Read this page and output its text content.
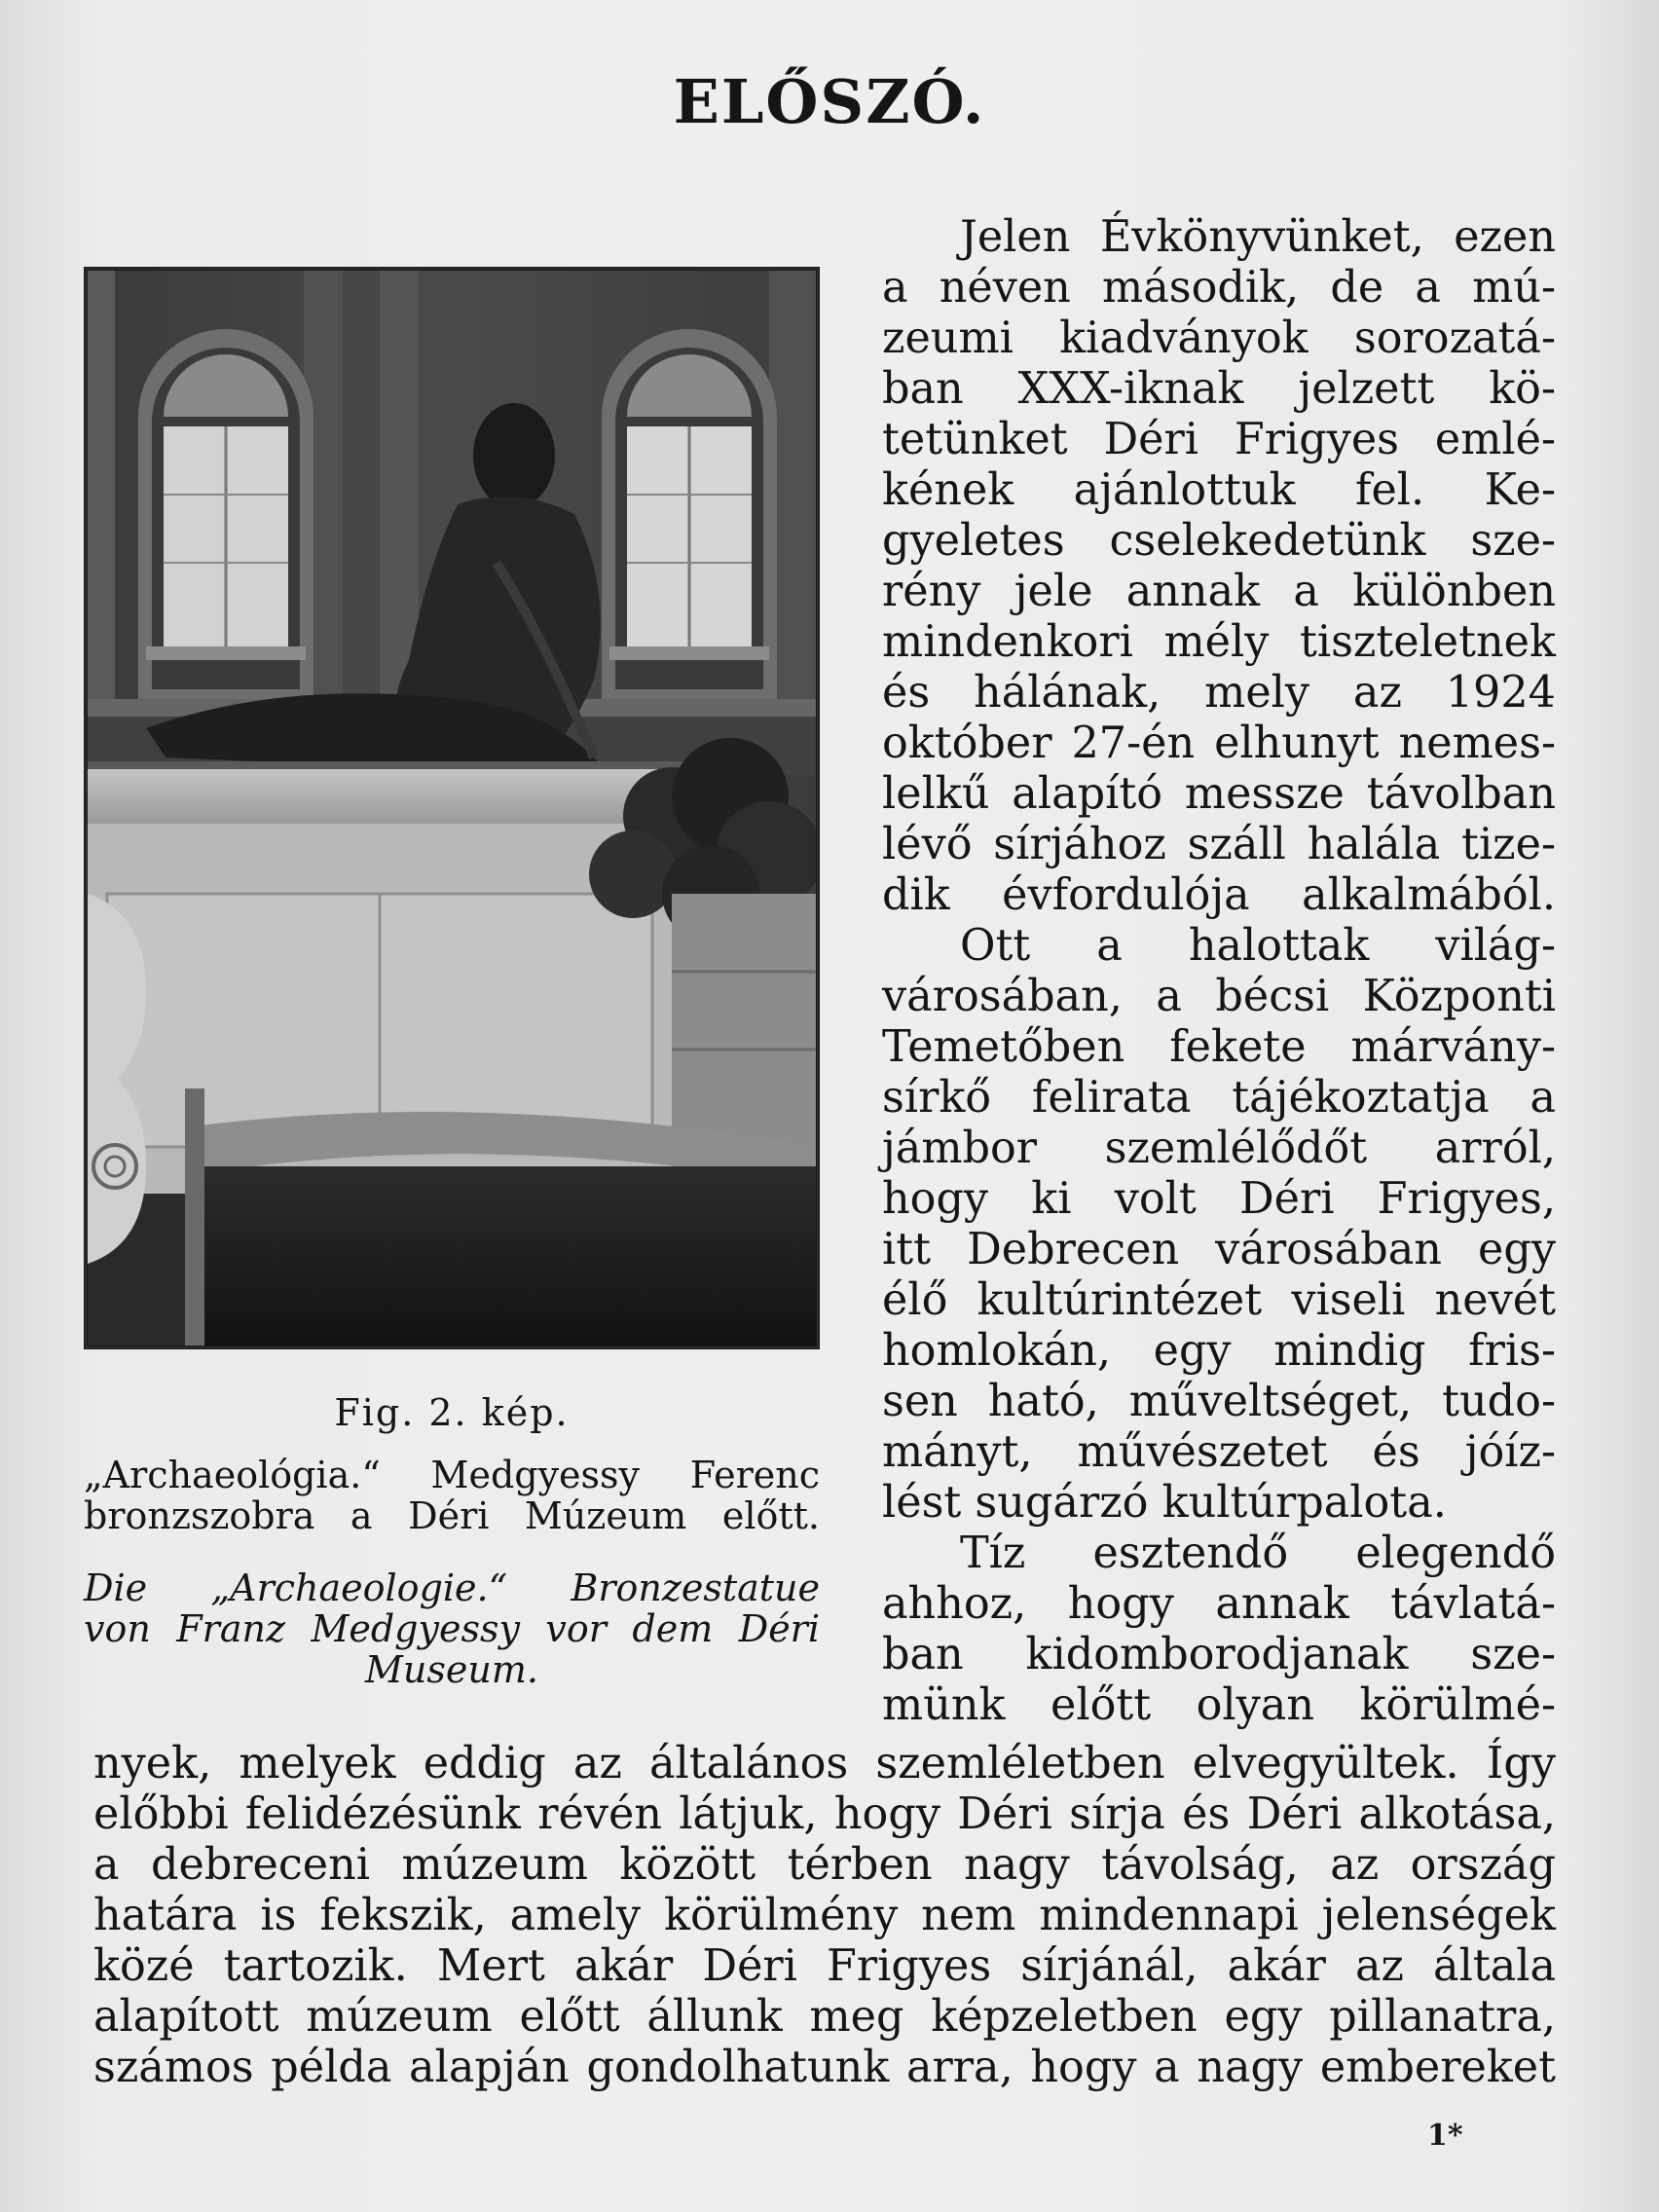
ELŐSZÓ.
Fig. 2. kép.
„Archaeológia.“ Medgyessy Ferenc
bronzszobra a Déri Múzeum előtt.
Die „Archaeologie.“ Bronzestatue
von Franz Medgyessy vor dem Déri
Museum.
Jelen Évkönyvünket, ezen
a néven második, de a mú-
zeumi kiadványok sorozatá-
ban XXX-iknak jelzett kö-
tetünket Déri Frigyes emlé-
kének ajánlottuk fel. Ke-
gyeletes cselekedetünk sze-
rény jele annak a különben
mindenkori mély tiszteletnek
és hálának, mely az 1924
október 27-én elhunyt nemes-
lelkű alapító messze távolban
lévő sírjához száll halála tize-
dik évfordulója alkalmából.
Ott a halottak világ-
városában, a bécsi Központi
Temetőben fekete márvány-
sírkő felirata tájékoztatja a
jámbor szemlélődőt arról,
hogy ki volt Déri Frigyes,
itt Debrecen városában egy
élő kultúrintézet viseli nevét
homlokán, egy mindig fris-
sen ható, műveltséget, tudo-
mányt, művészetet és jóíz-
lést sugárzó kultúrpalota.
Tíz esztendő elegendő
ahhoz, hogy annak távlatá-
ban kidomborodjanak sze-
münk előtt olyan körülmé-
nyek, melyek eddig az általános szemléletben elvegyültek. Így
előbbi felidézésünk révén látjuk, hogy Déri sírja és Déri alkotása,
a debreceni múzeum között térben nagy távolság, az ország
határa is fekszik, amely körülmény nem mindennapi jelenségek
közé tartozik. Mert akár Déri Frigyes sírjánál, akár az általa
alapított múzeum előtt állunk meg képzeletben egy pillanatra,
számos példa alapján gondolhatunk arra, hogy a nagy embereket
1*
